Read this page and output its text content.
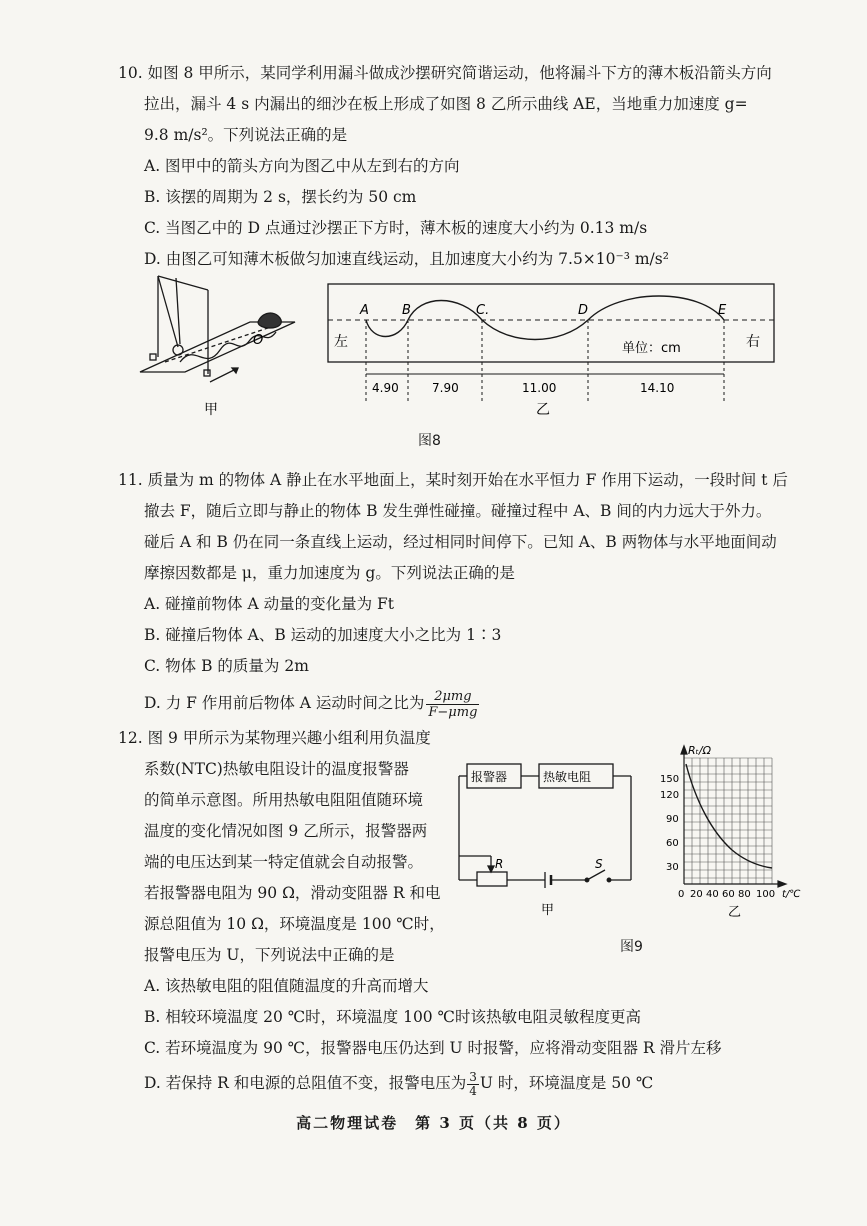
10. 如图 8 甲所示，某同学利用漏斗做成沙摆研究简谐运动，他将漏斗下方的薄木板沿箭头方向
拉出，漏斗 4 s 内漏出的细沙在板上形成了如图 8 乙所示曲线 AE，当地重力加速度 g=
9.8 m/s²。下列说法正确的是
A. 图甲中的箭头方向为图乙中从左到右的方向
B. 该摆的周期为 2 s，摆长约为 50 cm
C. 当图乙中的 D 点通过沙摆正下方时，薄木板的速度大小约为 0.13 m/s
D. 由图乙可知薄木板做匀加速直线运动，且加速度大小约为 7.5×10⁻³ m/s²
O
甲
A	B	C.	D	E
左	右
单位：cm
4.90	7.90	11.00	14.10
乙
图8
11. 质量为 m 的物体 A 静止在水平地面上，某时刻开始在水平恒力 F 作用下运动，一段时间 t 后
撤去 F，随后立即与静止的物体 B 发生弹性碰撞。碰撞过程中 A、B 间的内力远大于外力。
碰后 A 和 B 仍在同一条直线上运动，经过相同时间停下。已知 A、B 两物体与水平地面间动
摩擦因数都是 μ，重力加速度为 g。下列说法正确的是
A. 碰撞前物体 A 动量的变化量为 Ft
B. 碰撞后物体 A、B 运动的加速度大小之比为 1∶3
C. 物体 B 的质量为 2m
D. 力 F 作用前后物体 A 运动时间之比为 $\frac{\text{2μmg}}{\text{F−μmg}}$
12. 图 9 甲所示为某物理兴趣小组利用负温度
系数(NTC)热敏电阻设计的温度报警器
的简单示意图。所用热敏电阻阻值随环境
温度的变化情况如图 9 乙所示，报警器两
端的电压达到某一特定值就会自动报警。
若报警器电阻为 90 Ω，滑动变阻器 R 和电
源总阻值为 10 Ω，环境温度是 100 ℃时，
报警电压为 U，下列说法中正确的是
A. 该热敏电阻的阻值随温度的升高而增大
B. 相较环境温度 20 ℃时，环境温度 100 ℃时该热敏电阻灵敏程度更高
C. 若环境温度为 90 ℃，报警器电压仍达到 U 时报警，应将滑动变阻器 R 滑片左移
D. 若保持 R 和电源的总阻值不变，报警电压为 $\frac{3}{4}$ U 时，环境温度是 50 ℃
报警器	热敏电阻
R	S
甲
图9
Rₜ/Ω
150
120
90
60
30
0 20 40 60 80 100 t/℃
乙
高二物理试卷　第 3 页（共 8 页）
